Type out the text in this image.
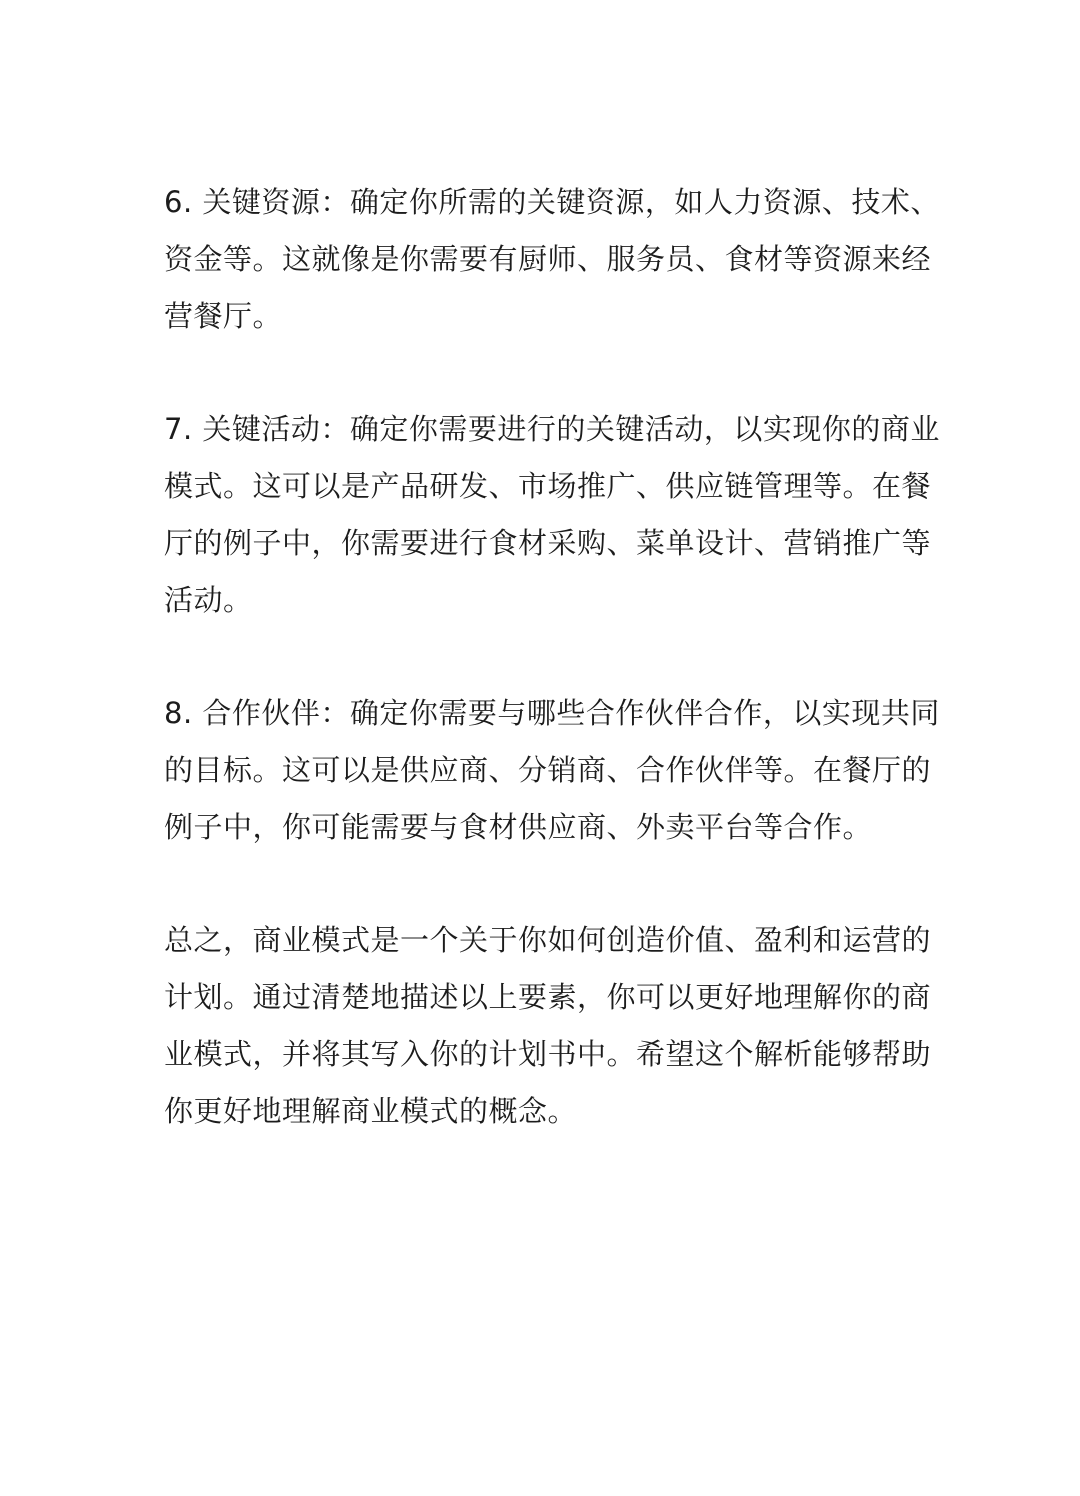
6. 关键资源：确定你所需的关键资源，如人力资源、技术、
资金等。这就像是你需要有厨师、服务员、食材等资源来经
营餐厅。

7. 关键活动：确定你需要进行的关键活动，以实现你的商业
模式。这可以是产品研发、市场推广、供应链管理等。在餐
厅的例子中，你需要进行食材采购、菜单设计、营销推广等
活动。

8. 合作伙伴：确定你需要与哪些合作伙伴合作，以实现共同
的目标。这可以是供应商、分销商、合作伙伴等。在餐厅的
例子中，你可能需要与食材供应商、外卖平台等合作。

总之，商业模式是一个关于你如何创造价值、盈利和运营的
计划。通过清楚地描述以上要素，你可以更好地理解你的商
业模式，并将其写入你的计划书中。希望这个解析能够帮助
你更好地理解商业模式的概念。
